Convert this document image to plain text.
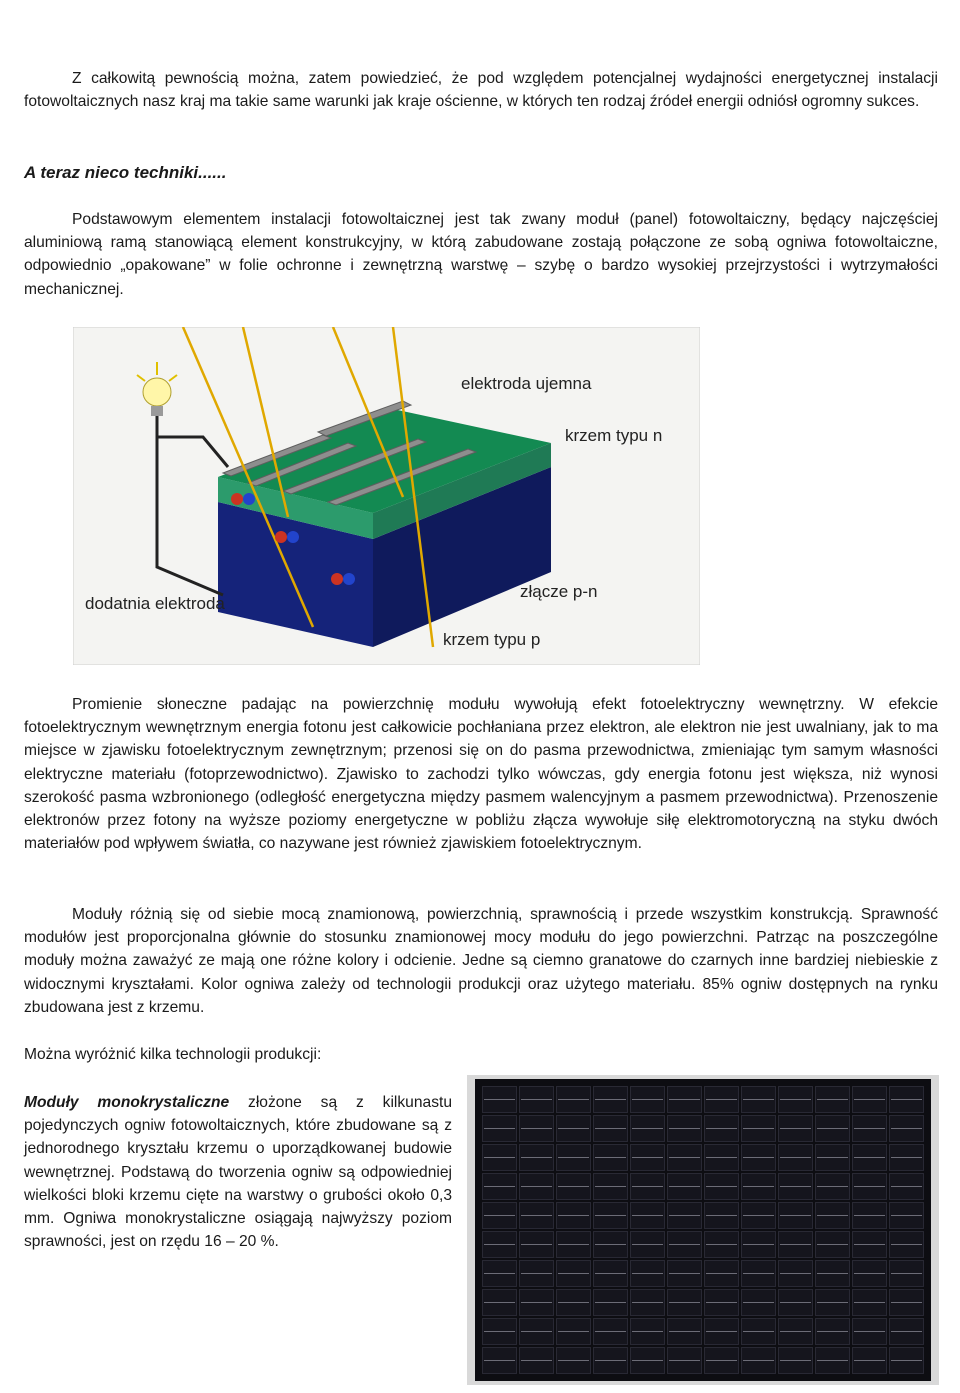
Z całkowitą pewnością można, zatem powiedzieć, że pod względem potencjalnej wydajności energetycznej instalacji fotowoltaicznych nasz kraj ma takie same warunki jak kraje ościenne, w których ten rodzaj źródeł energii odniósł ogromny sukces.

A teraz nieco techniki......

Podstawowym elementem instalacji fotowoltaicznej jest tak zwany moduł (panel) fotowoltaiczny, będący najczęściej aluminiową ramą stanowiącą element konstrukcyjny, w którą zabudowane zostają połączone ze sobą ogniwa fotowoltaiczne, odpowiednio „opakowane” w folie ochronne i zewnętrzną warstwę – szybę o bardzo wysokiej przejrzystości i wytrzymałości mechanicznej.

elektroda ujemna
krzem typu n
dodatnia elektroda
złącze p-n
krzem typu p

Promienie słoneczne padając na powierzchnię modułu wywołują efekt fotoelektryczny wewnętrzny. W efekcie fotoelektrycznym wewnętrznym energia fotonu jest całkowicie pochłaniana przez elektron, ale elektron nie jest uwalniany, jak to ma miejsce w zjawisku fotoelektrycznym zewnętrznym; przenosi się on do pasma przewodnictwa, zmieniając tym samym własności elektryczne materiału (fotoprzewodnictwo). Zjawisko to zachodzi tylko wówczas, gdy energia fotonu jest większa, niż wynosi szerokość pasma wzbronionego (odległość energetyczna między pasmem walencyjnym a pasmem przewodnictwa). Przenoszenie elektronów przez fotony na wyższe poziomy energetyczne w pobliżu złącza wywołuje siłę elektromotoryczną na styku dwóch materiałów pod wpływem światła, co nazywane jest również zjawiskiem fotoelektrycznym.

Moduły różnią się od siebie mocą znamionową, powierzchnią, sprawnością i przede wszystkim konstrukcją. Sprawność modułów jest proporcjonalna głównie do stosunku znamionowej mocy modułu do jego powierzchni. Patrząc na poszczególne moduły można zaważyć ze mają one różne kolory i odcienie. Jedne są ciemno granatowe do czarnych inne bardziej niebieskie z widocznymi kryształami. Kolor ogniwa zależy od technologii produkcji oraz użytego materiału. 85% ogniw dostępnych na rynku zbudowana jest z krzemu.

Można wyróżnić kilka technologii produkcji:

Moduły monokrystaliczne złożone są z kilkunastu pojedynczych ogniw fotowoltaicznych, które zbudowane są z jednorodnego kryształu krzemu o uporządkowanej budowie wewnętrznej. Podstawą do tworzenia ogniw są odpowiedniej wielkości bloki krzemu cięte na warstwy o grubości około 0,3 mm. Ogniwa monokrystaliczne osiągają najwyższy poziom sprawności, jest on rzędu 16 – 20 %.
